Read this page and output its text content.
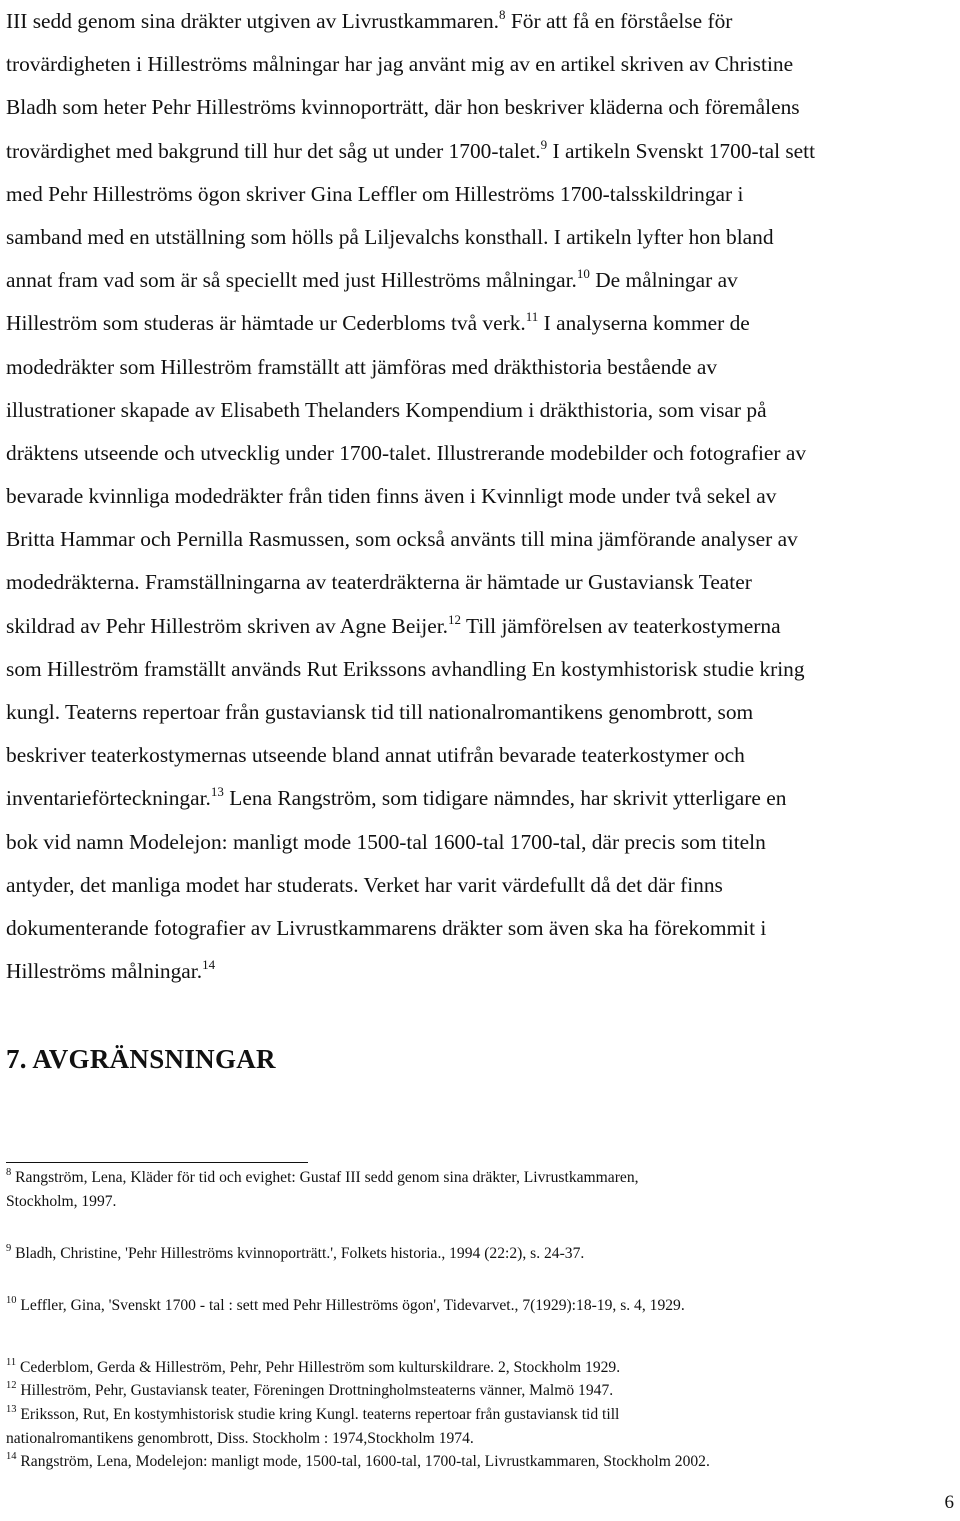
III sedd genom sina dräkter utgiven av Livrustkammaren.$^8$ För att få en förståelse för
trovärdigheten i Hilleströms målningar har jag använt mig av en artikel skriven av Christine
Bladh som heter Pehr Hilleströms kvinnoporträtt, där hon beskriver kläderna och föremålens
trovärdighet med bakgrund till hur det såg ut under 1700-talet.$^9$ I artikeln Svenskt 1700-tal sett
med Pehr Hilleströms ögon skriver Gina Leffler om Hilleströms 1700-talsskildringar i
samband med en utställning som hölls på Liljevalchs konsthall. I artikeln lyfter hon bland
annat fram vad som är så speciellt med just Hilleströms målningar.$^{10}$ De målningar av
Hilleström som studeras är hämtade ur Cederbloms två verk.$^{11}$ I analyserna kommer de
modedräkter som Hilleström framställt att jämföras med dräkthistoria bestående av
illustrationer skapade av Elisabeth Thelanders Kompendium i dräkthistoria, som visar på
dräktens utseende och utvecklig under 1700-talet. Illustrerande modebilder och fotografier av
bevarade kvinnliga modedräkter från tiden finns även i Kvinnligt mode under två sekel av
Britta Hammar och Pernilla Rasmussen, som också använts till mina jämförande analyser av
modedräkterna. Framställningarna av teaterdräkterna är hämtade ur Gustaviansk Teater
skildrad av Pehr Hilleström skriven av Agne Beijer.$^{12}$ Till jämförelsen av teaterkostymerna
som Hilleström framställt används Rut Erikssons avhandling En kostymhistorisk studie kring
kungl. Teaterns repertoar från gustaviansk tid till nationalromantikens genombrott, som
beskriver teaterkostymernas utseende bland annat utifrån bevarade teaterkostymer och
inventarieförteckningar.$^{13}$ Lena Rangström, som tidigare nämndes, har skrivit ytterligare en
bok vid namn Modelejon: manligt mode 1500-tal 1600-tal 1700-tal, där precis som titeln
antyder, det manliga modet har studerats. Verket har varit värdefullt då det där finns
dokumenterande fotografier av Livrustkammarens dräkter som även ska ha förekommit i
Hilleströms målningar.$^{14}$
7. AVGRÄNSNINGAR
$^8$ Rangström, Lena, Kläder för tid och evighet: Gustaf III sedd genom sina dräkter, Livrustkammaren,
Stockholm, 1997.
$^9$ Bladh, Christine, 'Pehr Hilleströms kvinnoporträtt.', Folkets historia., 1994 (22:2), s. 24-37.
$^{10}$ Leffler, Gina, 'Svenskt 1700 - tal : sett med Pehr Hilleströms ögon', Tidevarvet., 7(1929):18-19, s. 4, 1929.
$^{11}$ Cederblom, Gerda & Hilleström, Pehr, Pehr Hilleström som kulturskildrare. 2, Stockholm 1929.
$^{12}$ Hilleström, Pehr, Gustaviansk teater, Föreningen Drottningholmsteaterns vänner, Malmö 1947.
$^{13}$ Eriksson, Rut, En kostymhistorisk studie kring Kungl. teaterns repertoar från gustaviansk tid till
nationalromantikens genombrott, Diss. Stockholm : 1974,Stockholm 1974.
$^{14}$ Rangström, Lena, Modelejon: manligt mode, 1500-tal, 1600-tal, 1700-tal, Livrustkammaren, Stockholm 2002.
6
